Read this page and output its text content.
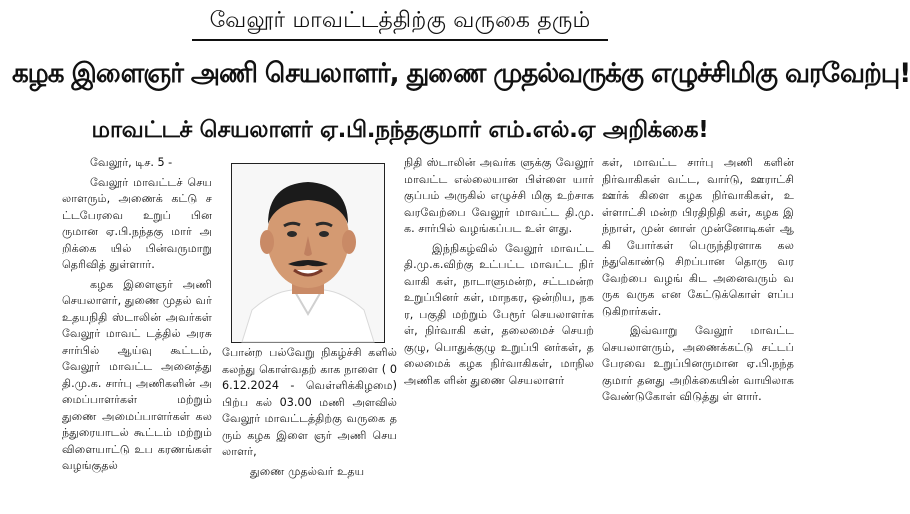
வேலூர் மாவட்டத்திற்கு வருகை தரும்
கழக இளைஞர் அணி செயலாளர், துணை முதல்வருக்கு எழுச்சிமிகு வரவேற்பு!
மாவட்டச் செயலாளர் ஏ.பி.நந்தகுமார் எம்.எல்.ஏ அறிக்கை!

வேலூர், டிச. 5 -

வேலூர் மாவட்டச் செயலாளரும், அணைக் கட்டு சட்டபேரவை உறுப் பினருமான ஏ.பி.நந்தகு மார் அறிக்கை யில் பின்வருமாறு தெரிவித் துள்ளார்.

கழக இளைஞர் அணி செயலாளர், துணை முதல் வர் உதயநிதி ஸ்டாலின் அவர்கள் வேலூர் மாவட் டத்தில் அரசு சார்பில் ஆய்வு கூட்டம், வேலூர் மாவட்ட அனைத்து தி.மு.க. சார்பு அணிகளின் அமைப்பாளர்கள் மற்றும் துணை அமைப்பாளர்கள் கலந்துரையாடல் கூட்டம் மற்றும் விளையாட்டு உப கரணங்கள் வழங்குதல்

போன்ற பல்வேறு நிகழ்ச்சி களில் கலந்து கொள்வதற் காக நாளை ( 06.12.2024 - வெள்ளிக்கிழமை) பிற்ப கல் 03.00 மணி அளவில் வேலூர் மாவட்டத்திற்கு வருகை தரும் கழக இளை ஞர் அணி செயலாளர்,

துணை முதல்வர் உதய

நிதி ஸ்டாலின் அவர்க ளுக்கு வேலூர் மாவட்ட எல்லையான பிள்ளை யார் குப்பம் அருகில் எழுச்சி மிகு உற்சாக வரவேற்பை வேலூர் மாவட்ட தி.மு.க. சார்பில் வழங்கப்பட உள் ளது.

இந்நிகழ்வில் வேலூர் மாவட்ட தி.மு.க.விற்கு உட்பட்ட மாவட்ட நிர் வாகி கள், நாடாளுமன்ற, சட்டமன்ற உறுப்பினர் கள், மாநகர, ஒன்றிய, நகர, பகுதி மற்றும் பேரூர் செயலாளர்கள், நிர்வாகி கள், தலைமைச் செயற் குழு, பொதுக்குழு உறுப்பி னர்கள், தலைமைக் கழக நிர்வாகிகள், மாநில அணிக ளின் துணை செயலாளர்

கள், மாவட்ட சார்பு அணி களின் நிர்வாகிகள் வட்ட, வார்டு, ஊராட்சி ஊர்க் கிளை கழக நிர்வாகிகள், உள்ளாட்சி மன்ற பிரதிநிதி கள், கழக இந்நாள், முன் னாள் முன்னோடிகள் ஆகி யோர்கள் பெருந்திரளாக கலந்துகொண்டு சிறப்பான தொரு வரவேற்பை வழங் கிட அனைவரும் வருக வருக என கேட்டுக்கொள் ளப்படுகிறார்கள்.

இவ்வாறு வேலூர் மாவட்ட செயலாளரும், அணைக்கட்டு சட்டப் பேரவை உறுப்பினருமான ஏ.பி.நந்தகுமார் தனது அறிக்கையின் வாயிலாக வேண்டுகோள் விடுத்து ள் ளார்.
